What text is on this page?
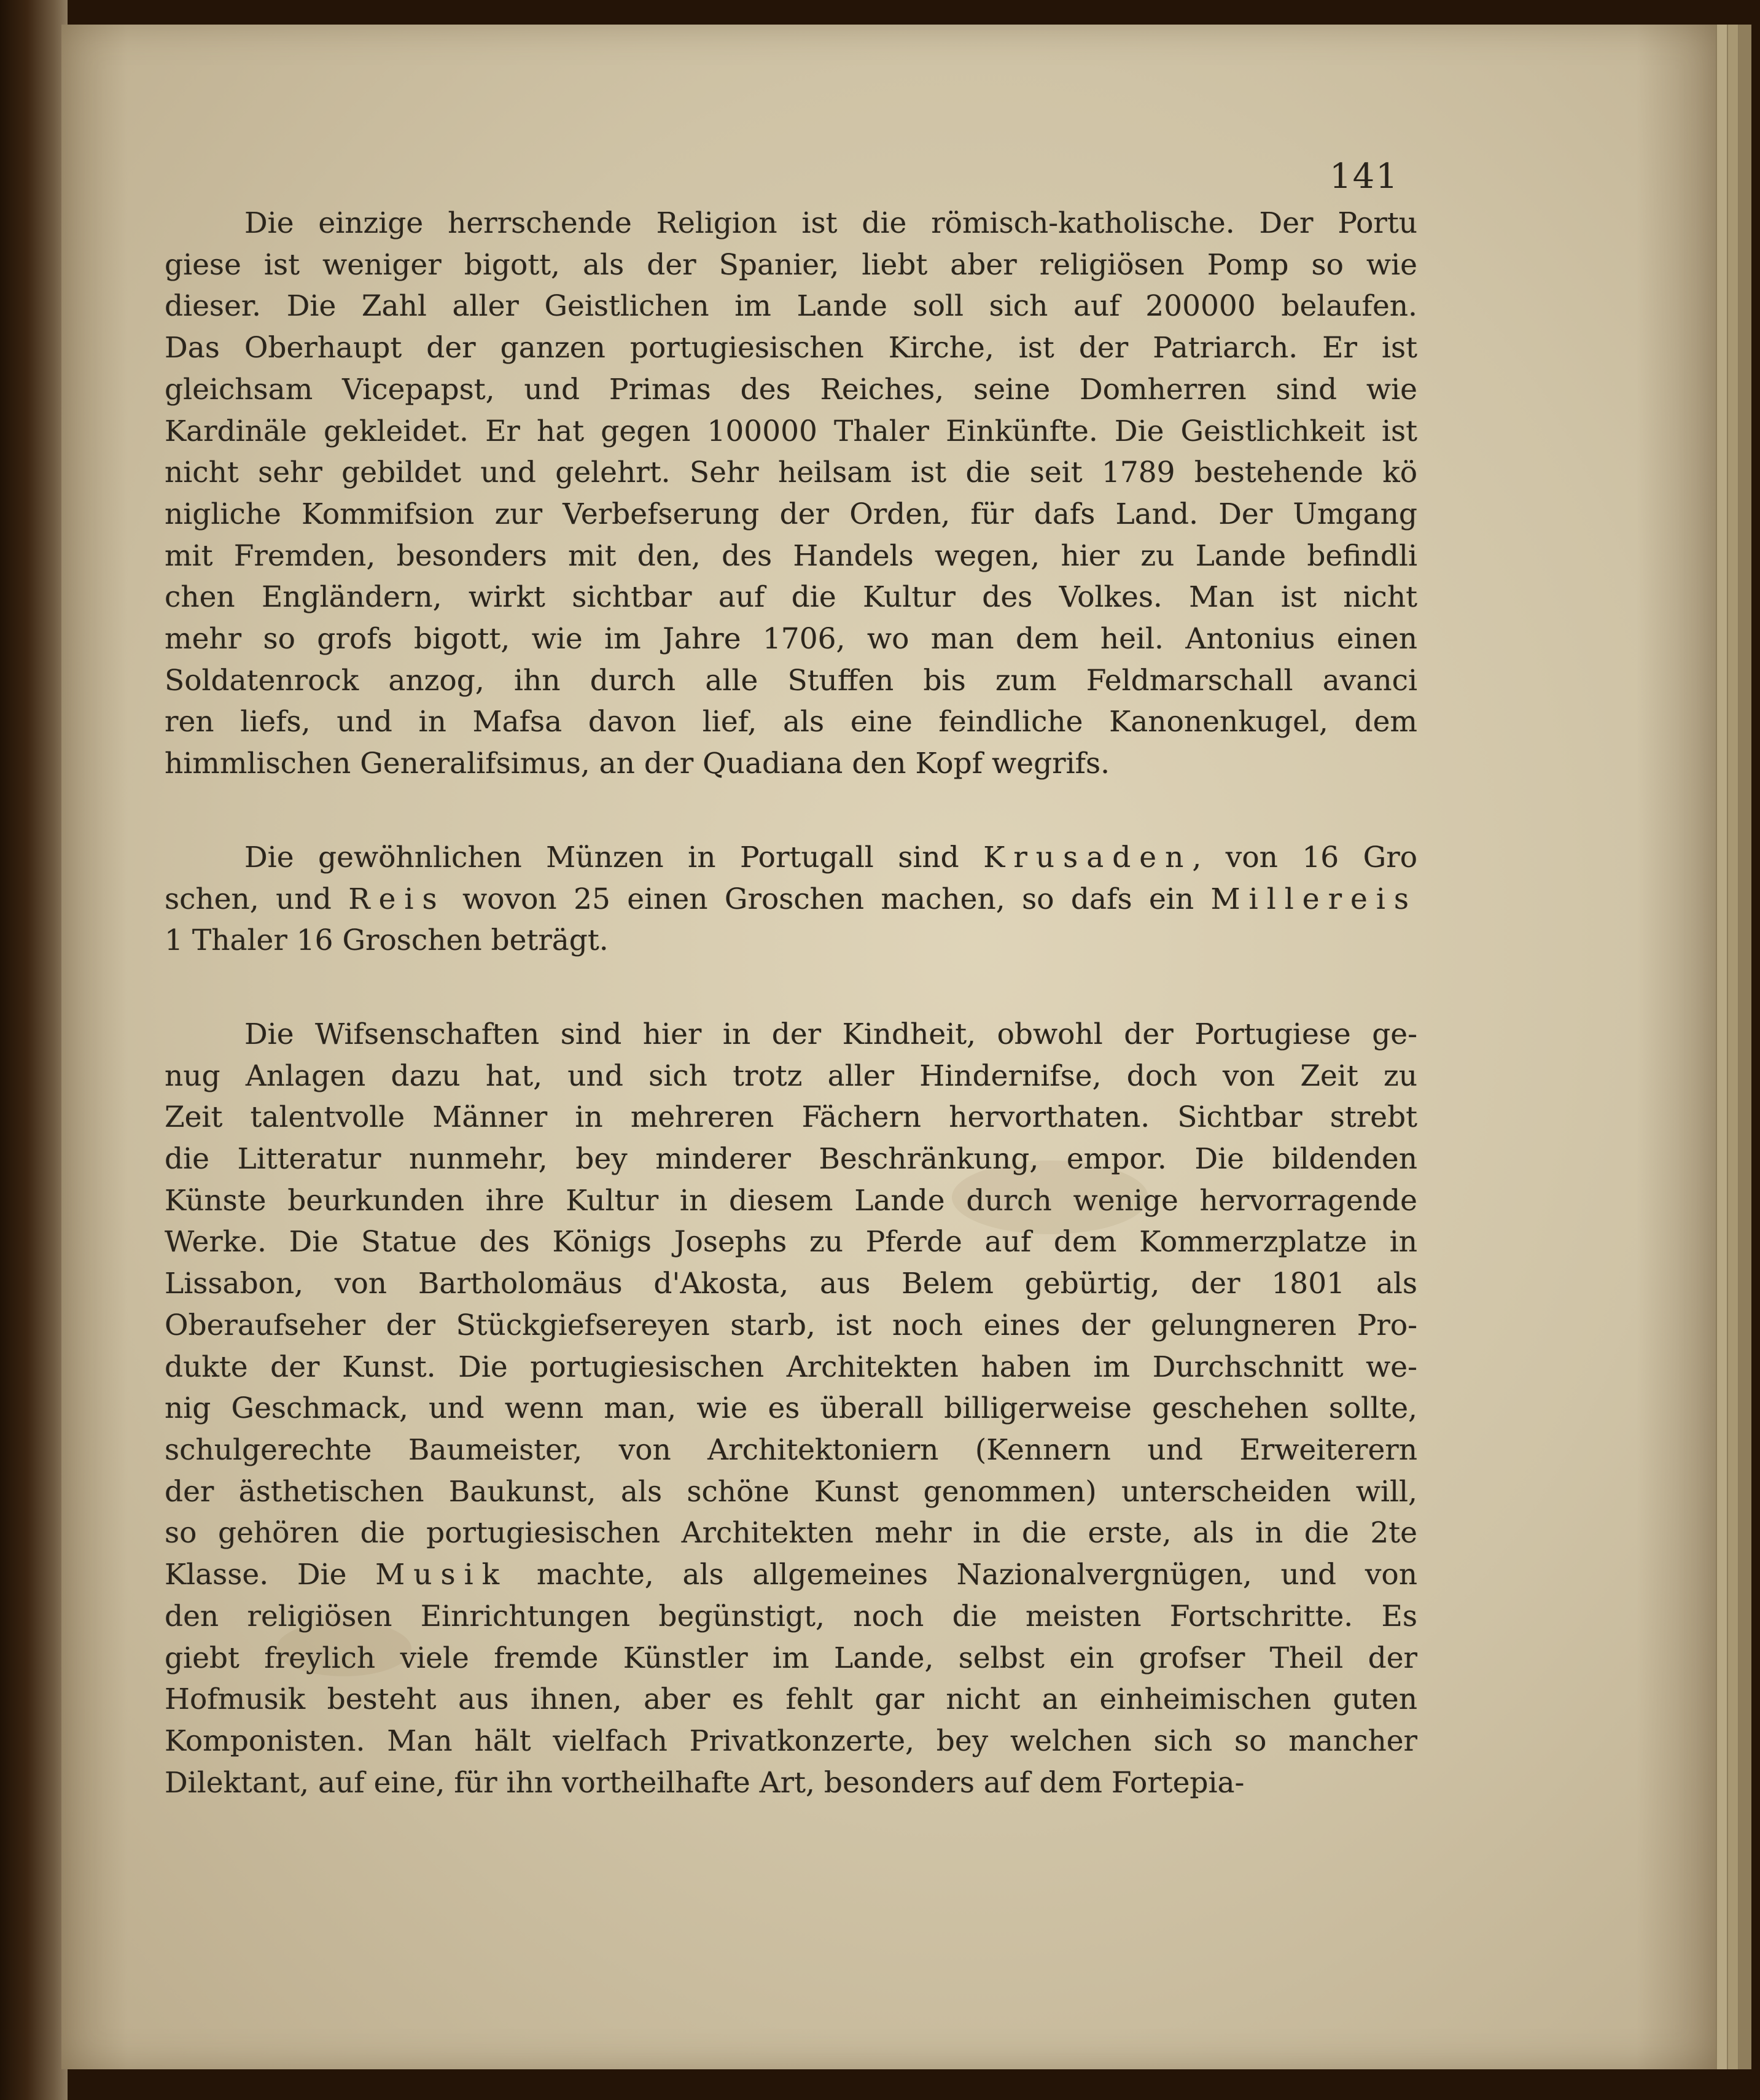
141
Die einzige herrschende Religion ist die römisch-katholische. Der Portu
giese ist weniger bigott, als der Spanier, liebt aber religiösen Pomp so wie
dieser. Die Zahl aller Geistlichen im Lande soll sich auf 200000 belaufen.
Das Oberhaupt der ganzen portugiesischen Kirche, ist der Patriarch. Er ist
gleichsam Vicepapst, und Primas des Reiches, seine Domherren sind wie
Kardinäle gekleidet. Er hat gegen 100000 Thaler Einkünfte. Die Geistlichkeit ist
nicht sehr gebildet und gelehrt. Sehr heilsam ist die seit 1789 bestehende kö
nigliche Kommifsion zur Verbefserung der Orden, für dafs Land. Der Umgang
mit Fremden, besonders mit den, des Handels wegen, hier zu Lande befindli
chen Engländern, wirkt sichtbar auf die Kultur des Volkes. Man ist nicht
mehr so grofs bigott, wie im Jahre 1706, wo man dem heil. Antonius einen
Soldatenrock anzog, ihn durch alle Stuffen bis zum Feldmarschall avanci
ren liefs, und in Mafsa davon lief, als eine feindliche Kanonenkugel, dem
himmlischen Generalifsimus, an der Quadiana den Kopf wegrifs.
Die gewöhnlichen Münzen in Portugall sind Krusaden, von 16 Gro
schen, und Reis wovon 25 einen Groschen machen, so dafs ein Millereis
1 Thaler 16 Groschen beträgt.
Die Wifsenschaften sind hier in der Kindheit, obwohl der Portugiese ge-
nug Anlagen dazu hat, und sich trotz aller Hindernifse, doch von Zeit zu
Zeit talentvolle Männer in mehreren Fächern hervorthaten. Sichtbar strebt
die Litteratur nunmehr, bey minderer Beschränkung, empor. Die bildenden
Künste beurkunden ihre Kultur in diesem Lande durch wenige hervorragende
Werke. Die Statue des Königs Josephs zu Pferde auf dem Kommerzplatze in
Lissabon, von Bartholomäus d'Akosta, aus Belem gebürtig, der 1801 als
Oberaufseher der Stückgiefsereyen starb, ist noch eines der gelungneren Pro-
dukte der Kunst. Die portugiesischen Architekten haben im Durchschnitt we-
nig Geschmack, und wenn man, wie es überall billigerweise geschehen sollte,
schulgerechte Baumeister, von Architektoniern (Kennern und Erweiterern
der ästhetischen Baukunst, als schöne Kunst genommen) unterscheiden will,
so gehören die portugiesischen Architekten mehr in die erste, als in die 2te
Klasse. Die Musik machte, als allgemeines Nazionalvergnügen, und von
den religiösen Einrichtungen begünstigt, noch die meisten Fortschritte. Es
giebt freylich viele fremde Künstler im Lande, selbst ein grofser Theil der
Hofmusik besteht aus ihnen, aber es fehlt gar nicht an einheimischen guten
Komponisten. Man hält vielfach Privatkonzerte, bey welchen sich so mancher
Dilektant, auf eine, für ihn vortheilhafte Art, besonders auf dem Fortepia-
